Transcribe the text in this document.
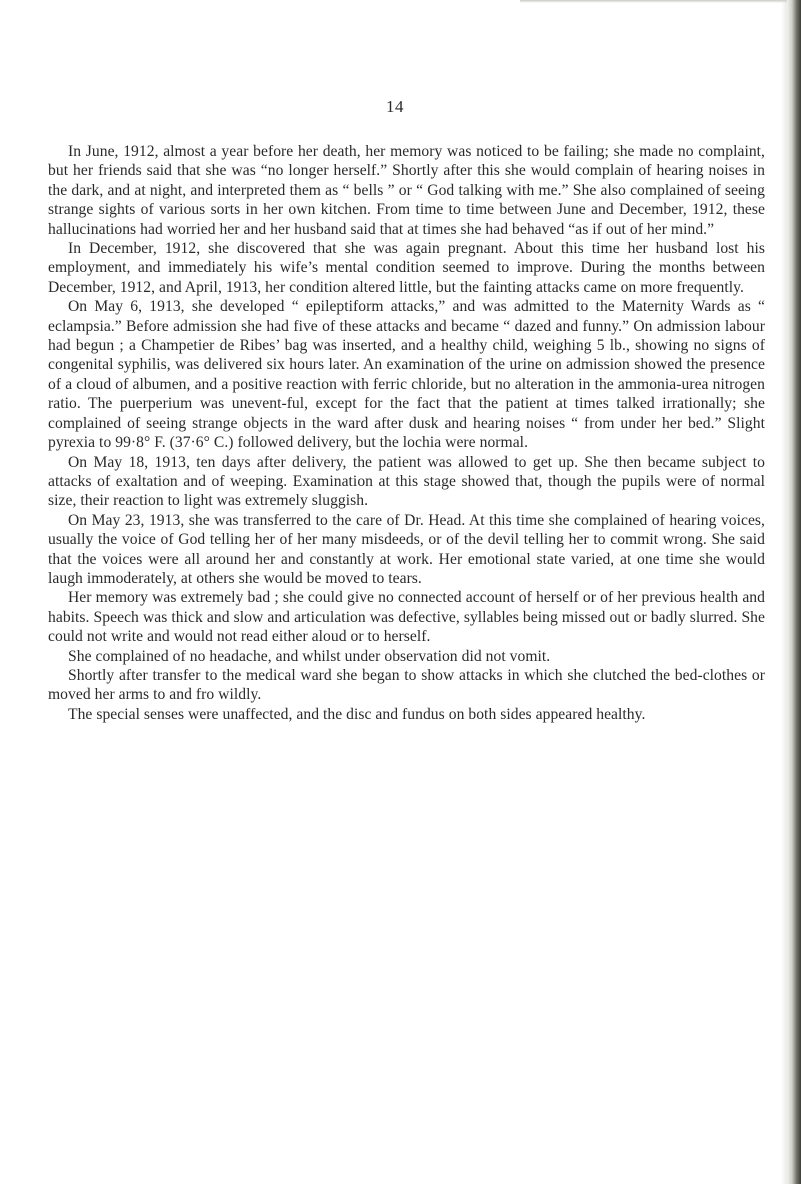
14

In June, 1912, almost a year before her death, her memory was noticed to be failing; she made no complaint, but her friends said that she was “no longer herself.” Shortly after this she would complain of hearing noises in the dark, and at night, and interpreted them as “ bells ” or “ God talking with me.” She also complained of seeing strange sights of various sorts in her own kitchen. From time to time between June and December, 1912, these hallucinations had worried her and her husband said that at times she had behaved “as if out of her mind.”

In December, 1912, she discovered that she was again pregnant. About this time her husband lost his employment, and immediately his wife’s mental condition seemed to improve. During the months between December, 1912, and April, 1913, her condition altered little, but the fainting attacks came on more frequently.

On May 6, 1913, she developed “ epileptiform attacks,” and was admitted to the Maternity Wards as “ eclampsia.” Before admission she had five of these attacks and became “ dazed and funny.” On admission labour had begun ; a Champetier de Ribes’ bag was inserted, and a healthy child, weighing 5 lb., showing no signs of congenital syphilis, was delivered six hours later. An examination of the urine on admission showed the presence of a cloud of albumen, and a positive reaction with ferric chloride, but no alteration in the ammonia-urea nitrogen ratio. The puerperium was unevent-ful, except for the fact that the patient at times talked irrationally; she complained of seeing strange objects in the ward after dusk and hearing noises “ from under her bed.” Slight pyrexia to 99·8° F. (37·6° C.) followed delivery, but the lochia were normal.

On May 18, 1913, ten days after delivery, the patient was allowed to get up. She then became subject to attacks of exaltation and of weeping. Examination at this stage showed that, though the pupils were of normal size, their reaction to light was extremely sluggish.

On May 23, 1913, she was transferred to the care of Dr. Head. At this time she complained of hearing voices, usually the voice of God telling her of her many misdeeds, or of the devil telling her to commit wrong. She said that the voices were all around her and constantly at work. Her emotional state varied, at one time she would laugh immoderately, at others she would be moved to tears.

Her memory was extremely bad ; she could give no connected account of herself or of her previous health and habits. Speech was thick and slow and articulation was defective, syllables being missed out or badly slurred. She could not write and would not read either aloud or to herself.

She complained of no headache, and whilst under observation did not vomit.

Shortly after transfer to the medical ward she began to show attacks in which she clutched the bed-clothes or moved her arms to and fro wildly.

The special senses were unaffected, and the disc and fundus on both sides appeared healthy.
